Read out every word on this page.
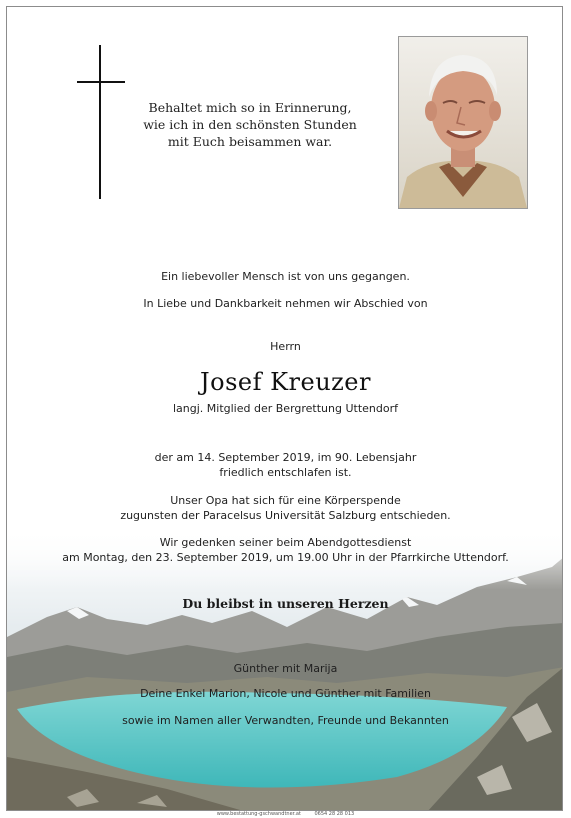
Behaltet mich so in Erinnerung,
wie ich in den schönsten Stunden
mit Euch beisammen war.
Ein liebevoller Mensch ist von uns gegangen.
In Liebe und Dankbarkeit nehmen wir Abschied von
Herrn
Josef Kreuzer
langj. Mitglied der Bergrettung Uttendorf
der am 14. September 2019, im 90. Lebensjahr
friedlich entschlafen ist.
Unser Opa hat sich für eine Körperspende
zugunsten der Paracelsus Universität Salzburg entschieden.
Wir gedenken seiner beim Abendgottesdienst
am Montag, den 23. September 2019, um 19.00 Uhr in der Pfarrkirche Uttendorf.
Du bleibst in unseren Herzen
Günther mit Marija
Deine Enkel Marion, Nicole und Günther mit Familien
sowie im Namen aller Verwandten, Freunde und Bekannten
www.bestattung-gschwandtner.at	0654 28 28 013
